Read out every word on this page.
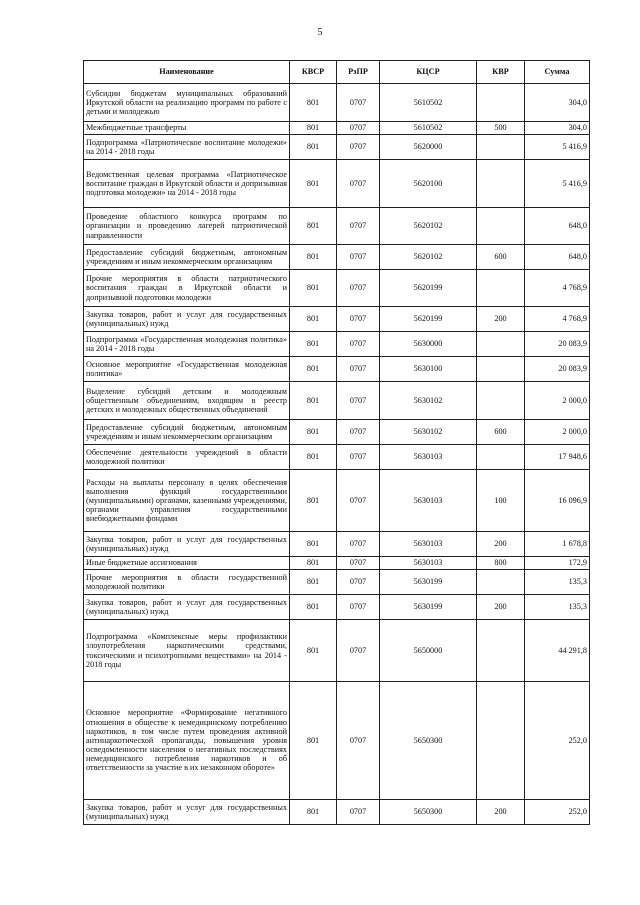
5
Наименование	КВСР	РзПР	КЦСР	КВР	Сумма
Субсидии бюджетам муниципальных образований Иркутской области на реализацию программ по работе с детьми и молодежью	801	0707	5610502		304,0
Межбюджетные трансферты	801	0707	5610502	500	304,0
Подпрограмма «Патриотическое воспитание молодежи» на 2014 - 2018 годы	801	0707	5620000		5 416,9
Ведомственная целевая программа «Патриотическое воспитание граждан в Иркутской области и допризывная подготовка молодежи» на 2014 - 2018 годы	801	0707	5620100		5 416,9
Проведение областного конкурса программ по организации и проведению лагерей патриотической направленности	801	0707	5620102		648,0
Предоставление субсидий бюджетным, автономным учреждениям и иным некоммерческим организациям	801	0707	5620102	600	648,0
Прочие мероприятия в области патриотического воспитания граждан в Иркутской области и допризывной подготовки молодежи	801	0707	5620199		4 768,9
Закупка товаров, работ и услуг для государственных (муниципальных) нужд	801	0707	5620199	200	4 768,9
Подпрограмма «Государственная молодежная политика» на 2014 - 2018 годы	801	0707	5630000		20 083,9
Основное мероприятие «Государственная молодежная политика»	801	0707	5630100		20 083,9
Выделение субсидий детским и молодежным общественным объединениям, входящим в реестр детских и молодежных общественных объединений	801	0707	5630102		2 000,0
Предоставление субсидий бюджетным, автономным учреждениям и иным некоммерческим организациям	801	0707	5630102	600	2 000,0
Обеспечение деятельности учреждений в области молодежной политики	801	0707	5630103		17 948,6
Расходы на выплаты персоналу в целях обеспечения выполнения функций государственными (муниципальными) органами, казенными учреждениями, органами управления государственными внебюджетными фондами	801	0707	5630103	100	16 096,9
Закупка товаров, работ и услуг для государственных (муниципальных) нужд	801	0707	5630103	200	1 678,8
Иные бюджетные ассигнования	801	0707	5630103	800	172,9
Прочие мероприятия в области государственной молодежной политики	801	0707	5630199		135,3
Закупка товаров, работ и услуг для государственных (муниципальных) нужд	801	0707	5630199	200	135,3
Подпрограмма «Комплексные меры профилактики злоупотребления наркотическими средствами, токсическими и психотропными веществами» на 2014 - 2018 годы	801	0707	5650000		44 291,8
Основное мероприятие «Формирование негативного отношения в обществе к немедицинскому потреблению наркотиков, в том числе путем проведения активной антинаркотической пропаганды, повышения уровня осведомленности населения о негативных последствиях немедицинского потребления наркотиков и об ответственности за участие в их незаконном обороте»	801	0707	5650300		252,0
Закупка товаров, работ и услуг для государственных (муниципальных) нужд	801	0707	5650300	200	252,0
